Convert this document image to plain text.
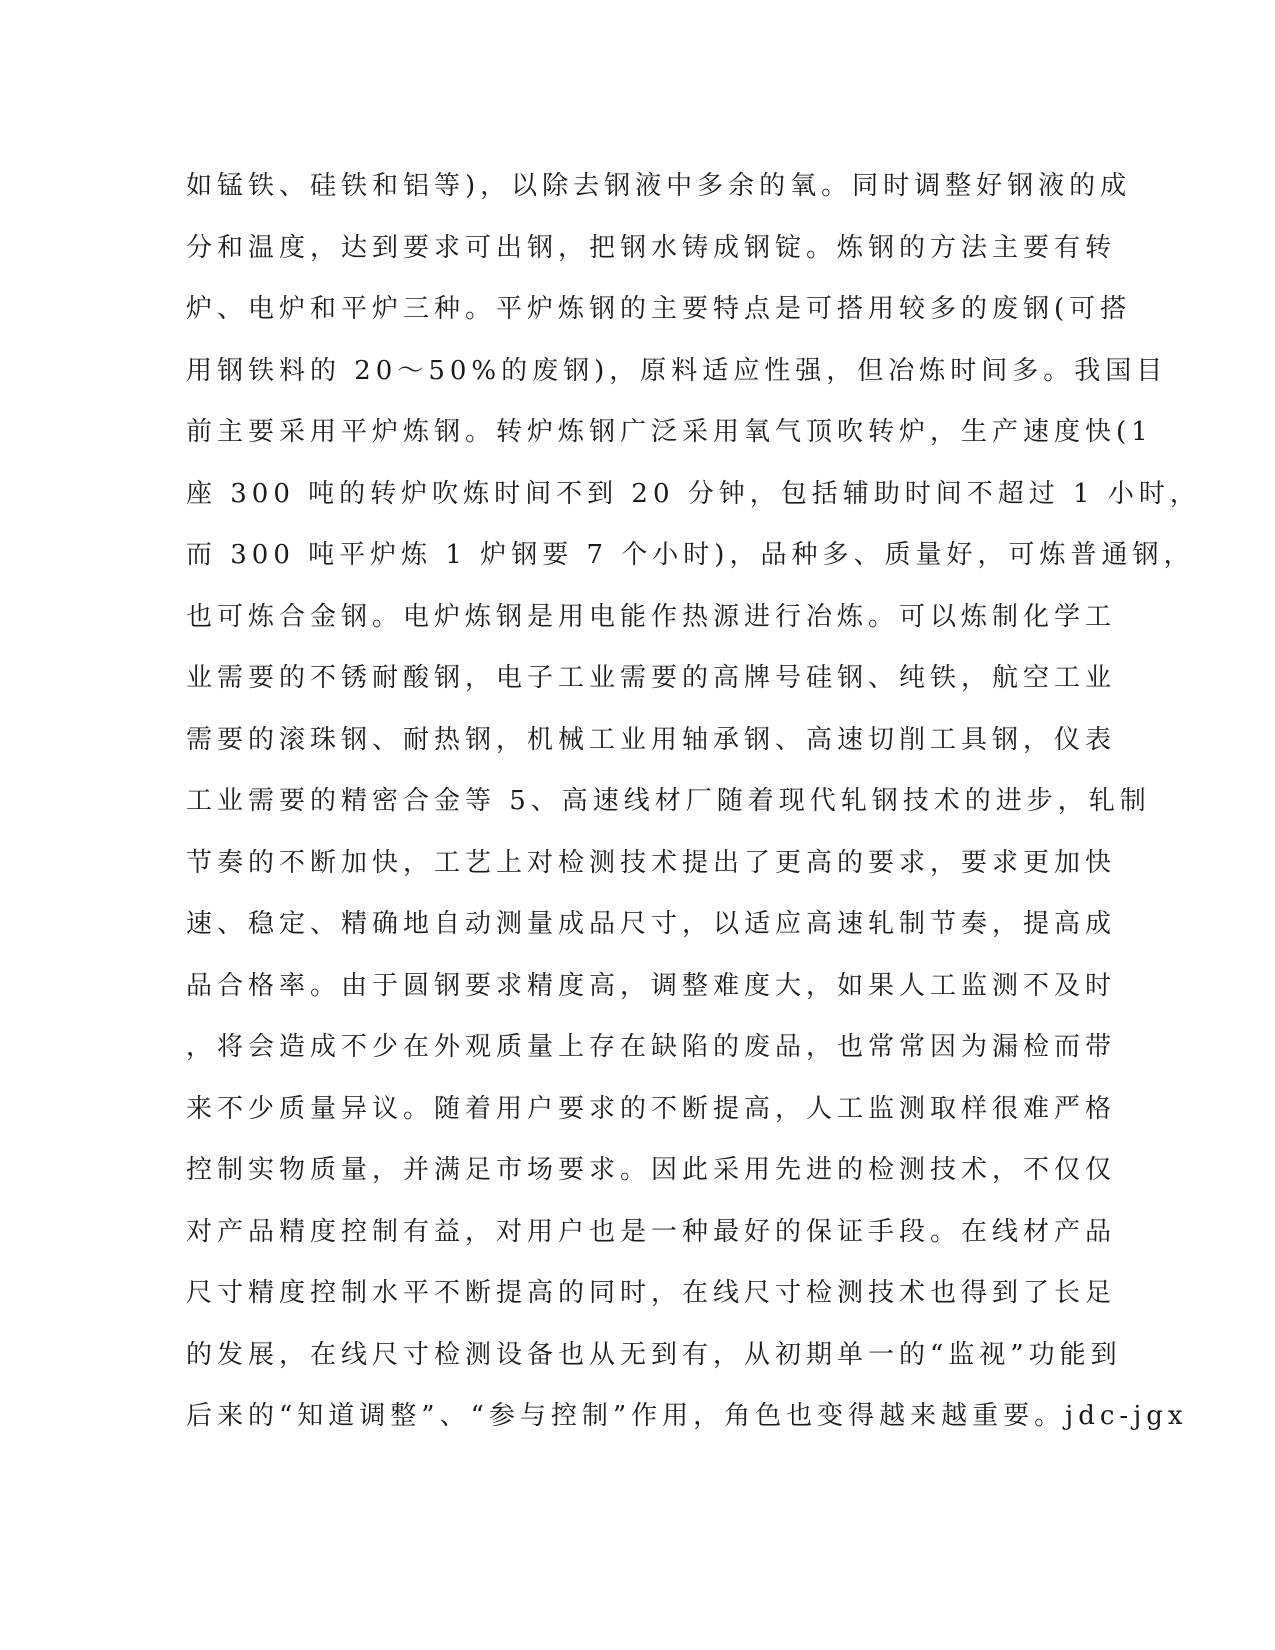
如锰铁、硅铁和铝等)，以除去钢液中多余的氧。同时调整好钢液的成
分和温度，达到要求可出钢，把钢水铸成钢锭。炼钢的方法主要有转
炉、电炉和平炉三种。平炉炼钢的主要特点是可搭用较多的废钢(可搭
用钢铁料的 20～50%的废钢)，原料适应性强，但冶炼时间多。我国目
前主要采用平炉炼钢。转炉炼钢广泛采用氧气顶吹转炉，生产速度快(1
座 300 吨的转炉吹炼时间不到 20 分钟，包括辅助时间不超过 1 小时，
而 300 吨平炉炼 1 炉钢要 7 个小时)，品种多、质量好，可炼普通钢，
也可炼合金钢。电炉炼钢是用电能作热源进行冶炼。可以炼制化学工
业需要的不锈耐酸钢，电子工业需要的高牌号硅钢、纯铁，航空工业
需要的滚珠钢、耐热钢，机械工业用轴承钢、高速切削工具钢，仪表
工业需要的精密合金等 5、高速线材厂随着现代轧钢技术的进步，轧制
节奏的不断加快，工艺上对检测技术提出了更高的要求，要求更加快
速、稳定、精确地自动测量成品尺寸，以适应高速轧制节奏，提高成
品合格率。由于圆钢要求精度高，调整难度大，如果人工监测不及时
，将会造成不少在外观质量上存在缺陷的废品，也常常因为漏检而带
来不少质量异议。随着用户要求的不断提高，人工监测取样很难严格
控制实物质量，并满足市场要求。因此采用先进的检测技术，不仅仅
对产品精度控制有益，对用户也是一种最好的保证手段。在线材产品
尺寸精度控制水平不断提高的同时，在线尺寸检测技术也得到了长足
的发展，在线尺寸检测设备也从无到有，从初期单一的“监视”功能到
后来的“知道调整”、“参与控制”作用，角色也变得越来越重要。jdc-jgx
